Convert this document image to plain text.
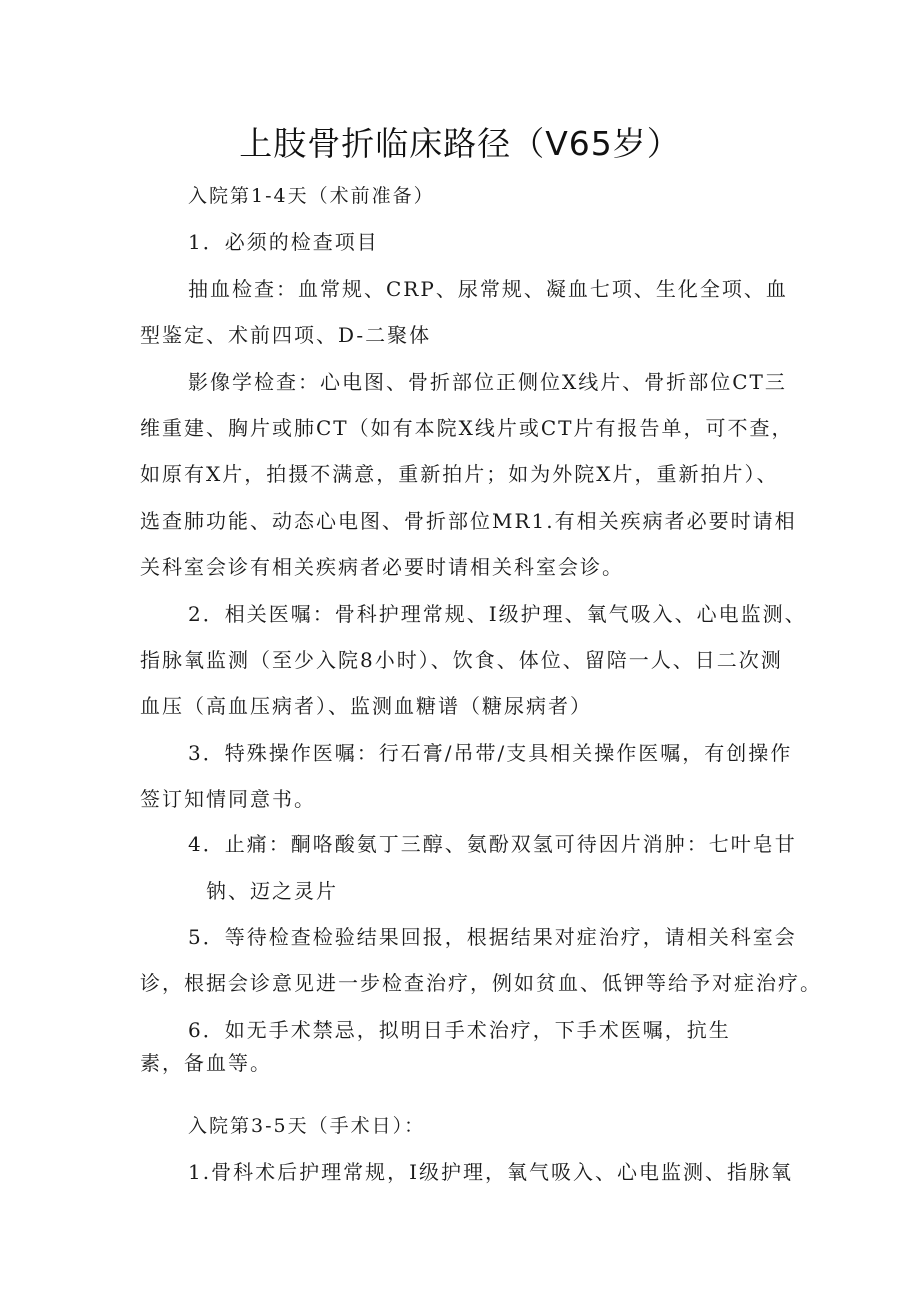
上肢骨折临床路径（V65岁）
入院第1-4天（术前准备）
1．必须的检查项目
抽血检查：血常规、CRP、尿常规、凝血七项、生化全项、血
型鉴定、术前四项、D-二聚体
影像学检查：心电图、骨折部位正侧位X线片、骨折部位CT三
维重建、胸片或肺CT（如有本院X线片或CT片有报告单，可不查，
如原有X片，拍摄不满意，重新拍片；如为外院X片，重新拍片）、
选查肺功能、动态心电图、骨折部位MR1.有相关疾病者必要时请相
关科室会诊有相关疾病者必要时请相关科室会诊。
2．相关医嘱：骨科护理常规、I级护理、氧气吸入、心电监测、
指脉氧监测（至少入院8小时）、饮食、体位、留陪一人、日二次测
血压（高血压病者）、监测血糖谱（糖尿病者）
3．特殊操作医嘱：行石膏/吊带/支具相关操作医嘱，有创操作
签订知情同意书。
4．止痛：酮咯酸氨丁三醇、氨酚双氢可待因片消肿：七叶皂甘
钠、迈之灵片
5．等待检查检验结果回报，根据结果对症治疗，请相关科室会
诊，根据会诊意见进一步检查治疗，例如贫血、低钾等给予对症治疗。
6．如无手术禁忌，拟明日手术治疗，下手术医嘱，抗生
素，备血等。
入院第3-5天（手术日）：
1.骨科术后护理常规，I级护理，氧气吸入、心电监测、指脉氧
